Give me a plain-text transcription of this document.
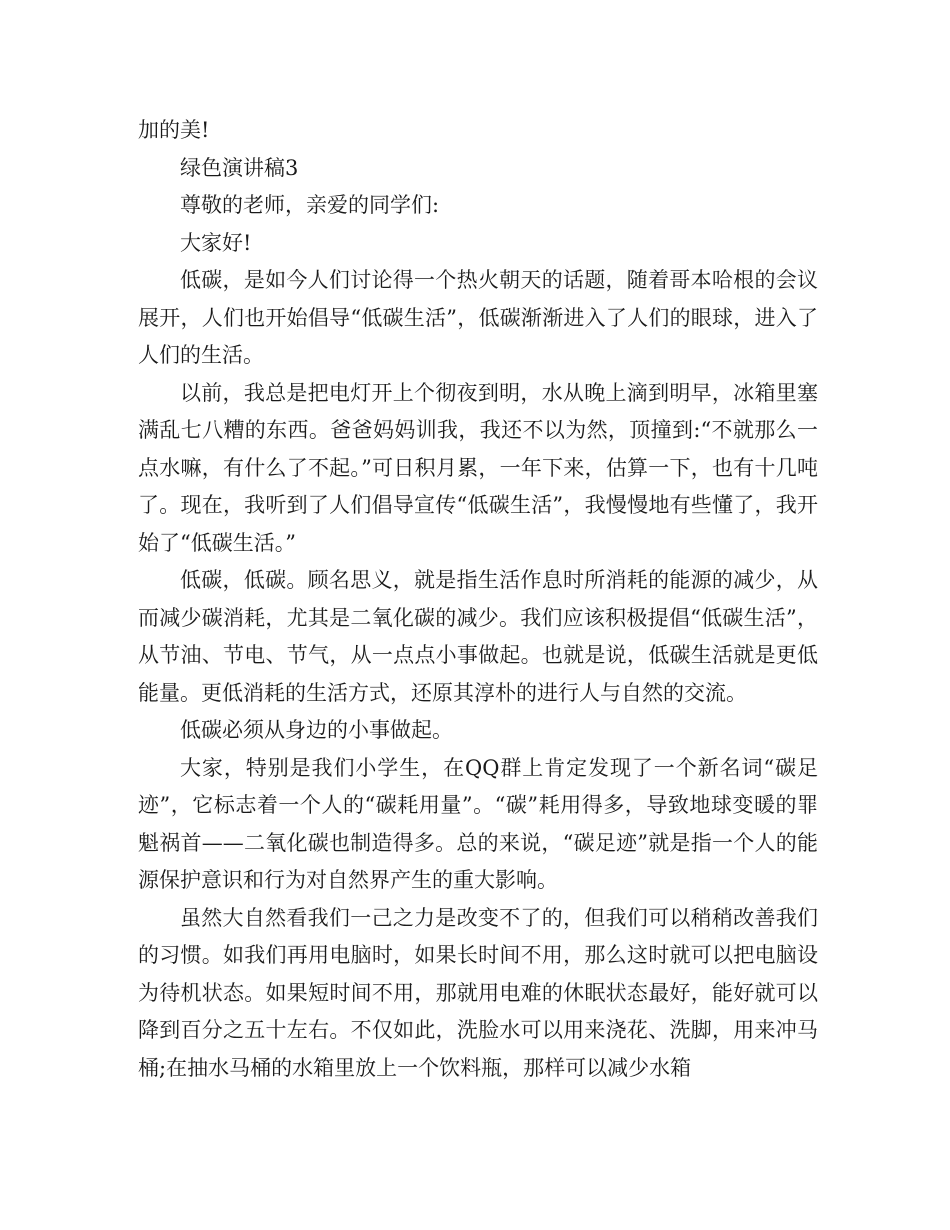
加的美!

绿色演讲稿3

尊敬的老师，亲爱的同学们:

大家好!

低碳，是如今人们讨论得一个热火朝天的话题，随着哥本哈根的会议展开，人们也开始倡导“低碳生活”，低碳渐渐进入了人们的眼球，进入了人们的生活。

以前，我总是把电灯开上个彻夜到明，水从晚上滴到明早，冰箱里塞满乱七八糟的东西。爸爸妈妈训我，我还不以为然，顶撞到:“不就那么一点水嘛，有什么了不起。”可日积月累，一年下来，估算一下，也有十几吨了。现在，我听到了人们倡导宣传“低碳生活”，我慢慢地有些懂了，我开始了“低碳生活。”

低碳，低碳。顾名思义，就是指生活作息时所消耗的能源的减少，从而减少碳消耗，尤其是二氧化碳的减少。我们应该积极提倡“低碳生活”，从节油、节电、节气，从一点点小事做起。也就是说，低碳生活就是更低能量。更低消耗的生活方式，还原其淳朴的进行人与自然的交流。

低碳必须从身边的小事做起。

大家，特别是我们小学生，在QQ群上肯定发现了一个新名词“碳足迹”，它标志着一个人的“碳耗用量”。“碳”耗用得多，导致地球变暖的罪魁祸首——二氧化碳也制造得多。总的来说，“碳足迹”就是指一个人的能源保护意识和行为对自然界产生的重大影响。

虽然大自然看我们一己之力是改变不了的，但我们可以稍稍改善我们的习惯。如我们再用电脑时，如果长时间不用，那么这时就可以把电脑设为待机状态。如果短时间不用，那就用电难的休眠状态最好，能好就可以降到百分之五十左右。不仅如此，洗脸水可以用来浇花、洗脚，用来冲马桶;在抽水马桶的水箱里放上一个饮料瓶，那样可以减少水箱
